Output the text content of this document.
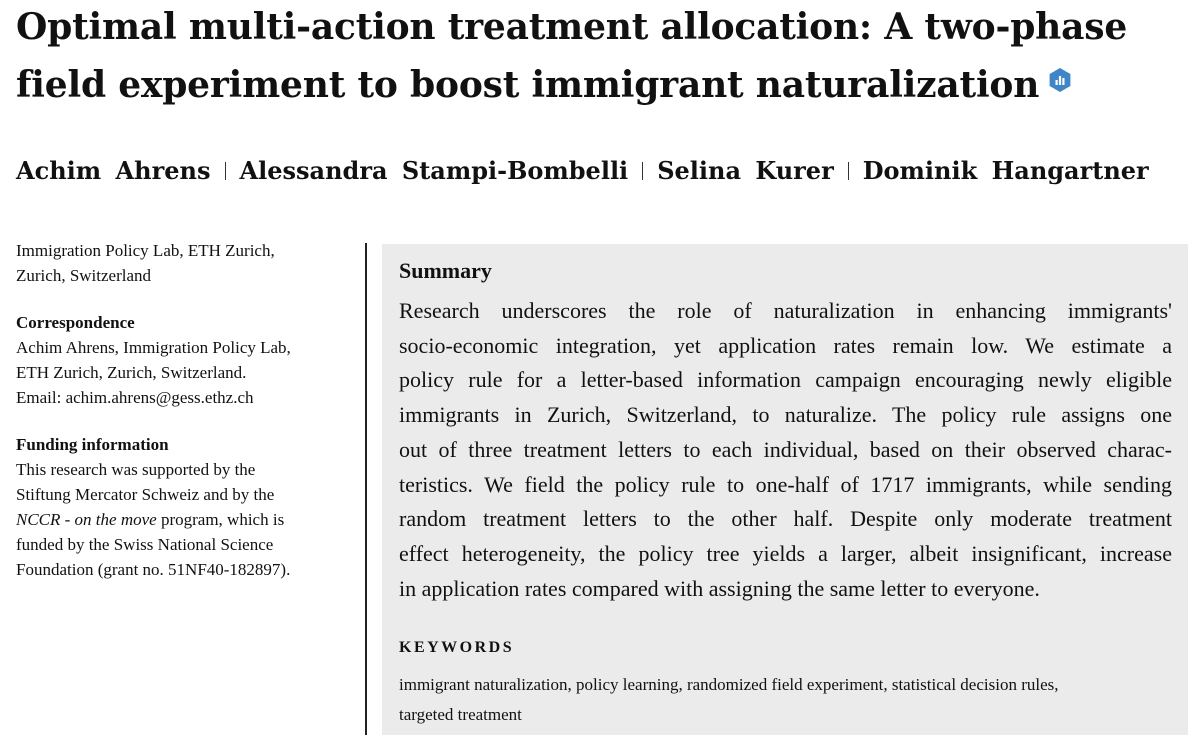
Optimal multi-action treatment allocation: A two-phase
field experiment to boost immigrant naturalization
Achim Ahrens Alessandra Stampi-Bombelli Selina Kurer Dominik Hangartner
Immigration Policy Lab, ETH Zurich,
Zurich, Switzerland
Correspondence
Achim Ahrens, Immigration Policy Lab,
ETH Zurich, Zurich, Switzerland.
Email: achim.ahrens@gess.ethz.ch
Funding information
This research was supported by the
Stiftung Mercator Schweiz and by the
NCCR - on the move program, which is
funded by the Swiss National Science
Foundation (grant no. 51NF40-182897).
Summary
Research underscores the role of naturalization in enhancing immigrants'
socio-economic integration, yet application rates remain low. We estimate a
policy rule for a letter-based information campaign encouraging newly eligible
immigrants in Zurich, Switzerland, to naturalize. The policy rule assigns one
out of three treatment letters to each individual, based on their observed charac-
teristics. We field the policy rule to one-half of 1717 immigrants, while sending
random treatment letters to the other half. Despite only moderate treatment
effect heterogeneity, the policy tree yields a larger, albeit insignificant, increase
in application rates compared with assigning the same letter to everyone.
KEYWORDS
immigrant naturalization, policy learning, randomized field experiment, statistical decision rules,
targeted treatment
